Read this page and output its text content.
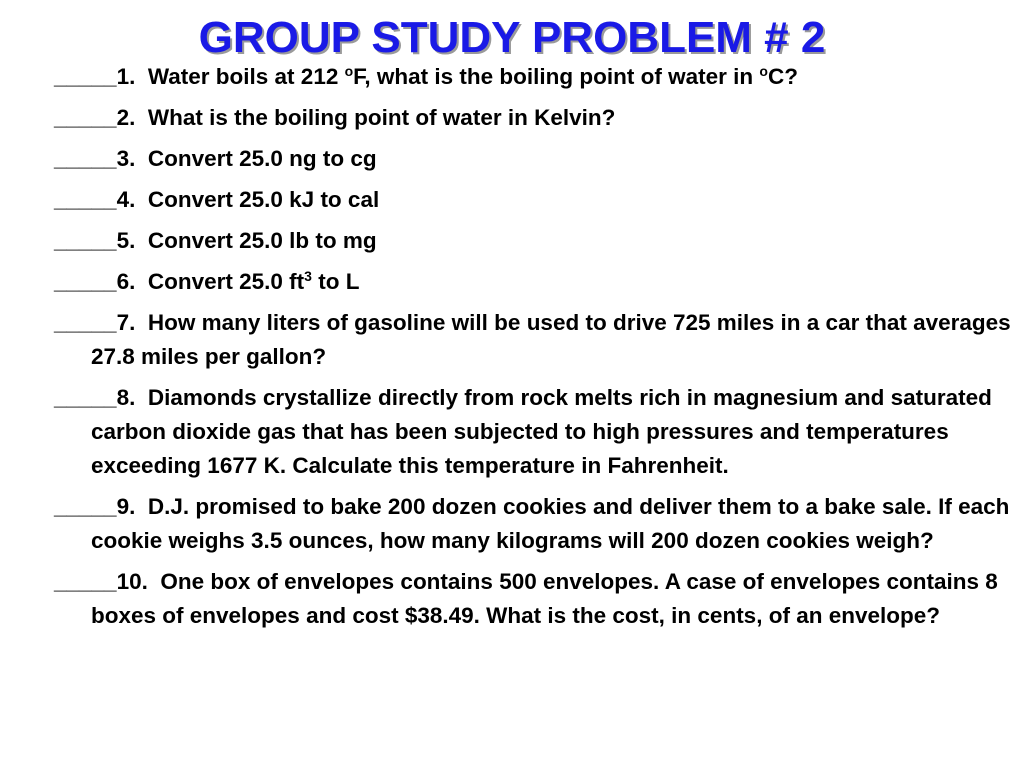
GROUP STUDY PROBLEM # 2
_____1. Water boils at 212 $^o$F, what is the boiling point of water in $^o$C?
_____2. What is the boiling point of water in Kelvin?
_____3. Convert 25.0 ng to cg
_____4. Convert 25.0 kJ to cal
_____5. Convert 25.0 lb to mg
_____6. Convert 25.0 $ft^3$ to L
_____7. How many liters of gasoline will be used to drive 725 miles in a car that averages 27.8 miles per gallon?
_____8. Diamonds crystallize directly from rock melts rich in magnesium and saturated carbon dioxide gas that has been subjected to high pressures and temperatures exceeding 1677 K. Calculate this temperature in Fahrenheit.
_____9. D.J. promised to bake 200 dozen cookies and deliver them to a bake sale. If each cookie weighs 3.5 ounces, how many kilograms will 200 dozen cookies weigh?
_____10. One box of envelopes contains 500 envelopes. A case of envelopes contains 8 boxes of envelopes and cost $38.49. What is the cost, in cents, of an envelope?
